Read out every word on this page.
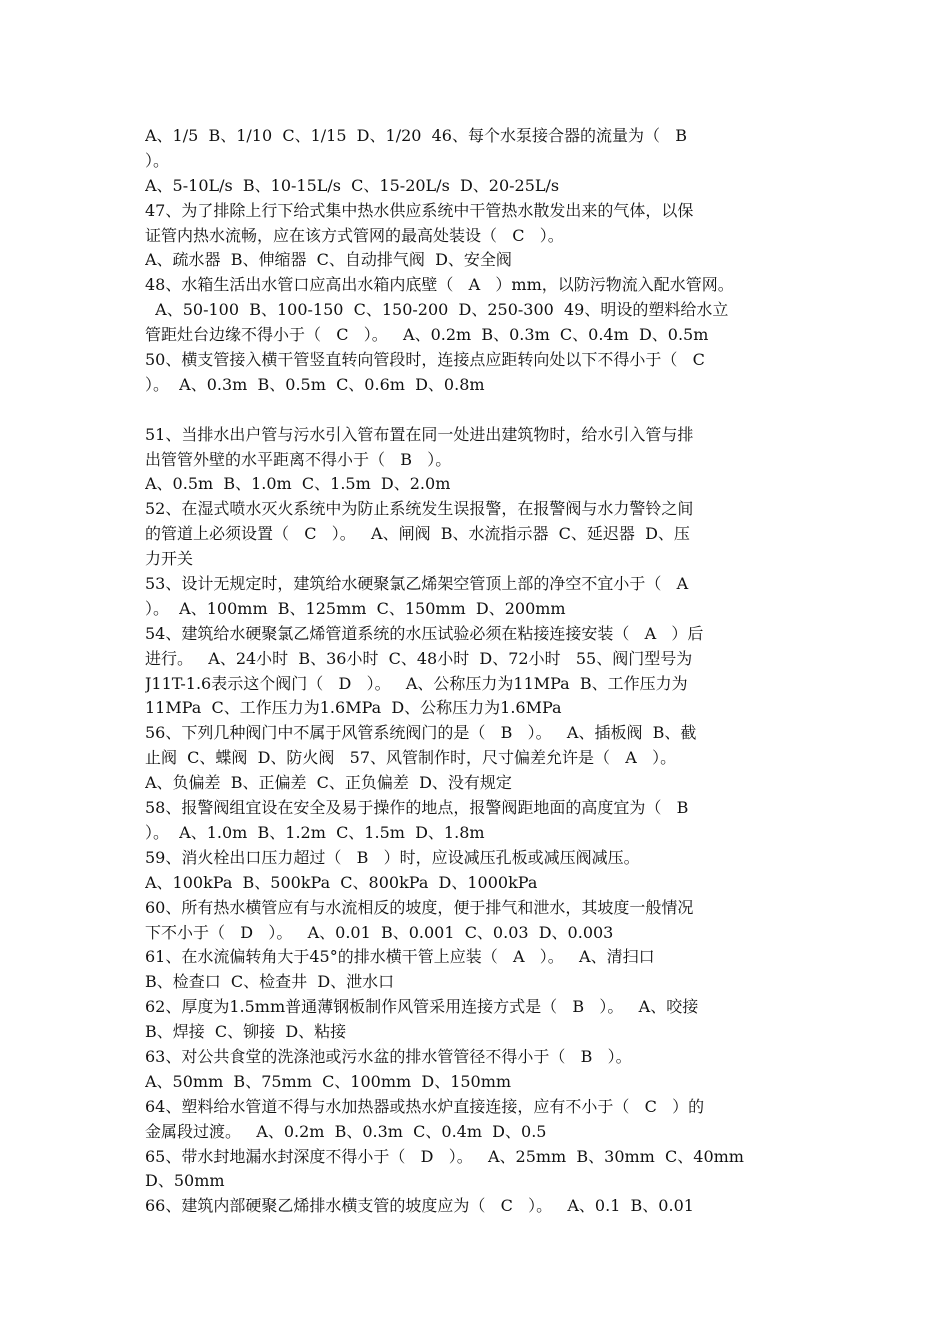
A、1/5  B、1/10  C、1/15  D、1/20  46、每个水泵接合器的流量为（   B
）。
A、5-10L/s  B、10-15L/s  C、15-20L/s  D、20-25L/s
47、为了排除上行下给式集中热水供应系统中干管热水散发出来的气体，以保
证管内热水流畅，应在该方式管网的最高处装设（   C   ）。
A、疏水器  B、伸缩器  C、自动排气阀  D、安全阀
48、水箱生活出水管口应高出水箱内底壁（   A   ）mm，以防污物流入配水管网。
A、50-100  B、100-150  C、150-200  D、250-300  49、明设的塑料给水立
管距灶台边缘不得小于（   C   ）。   A、0.2m  B、0.3m  C、0.4m  D、0.5m
50、横支管接入横干管竖直转向管段时，连接点应距转向处以下不得小于（   C
）。  A、0.3m  B、0.5m  C、0.6m  D、0.8m
51、当排水出户管与污水引入管布置在同一处进出建筑物时，给水引入管与排
出管管外壁的水平距离不得小于（   B   ）。
A、0.5m  B、1.0m  C、1.5m  D、2.0m
52、在湿式喷水灭火系统中为防止系统发生误报警，在报警阀与水力警铃之间
的管道上必须设置（   C   ）。   A、闸阀  B、水流指示器  C、延迟器  D、压
力开关
53、设计无规定时，建筑给水硬聚氯乙烯架空管顶上部的净空不宜小于（   A
）。  A、100mm  B、125mm  C、150mm  D、200mm
54、建筑给水硬聚氯乙烯管道系统的水压试验必须在粘接连接安装（   A   ）后
进行。   A、24小时  B、36小时  C、48小时  D、72小时   55、阀门型号为
J11T-1.6表示这个阀门（   D   ）。   A、公称压力为11MPa  B、工作压力为
11MPa  C、工作压力为1.6MPa  D、公称压力为1.6MPa
56、下列几种阀门中不属于风管系统阀门的是（   B   ）。   A、插板阀  B、截
止阀  C、蝶阀  D、防火阀   57、风管制作时，尺寸偏差允许是（   A   ）。
A、负偏差  B、正偏差  C、正负偏差  D、没有规定
58、报警阀组宜设在安全及易于操作的地点，报警阀距地面的高度宜为（   B
）。  A、1.0m  B、1.2m  C、1.5m  D、1.8m
59、消火栓出口压力超过（   B   ）时，应设减压孔板或减压阀减压。
A、100kPa  B、500kPa  C、800kPa  D、1000kPa
60、所有热水横管应有与水流相反的坡度，便于排气和泄水，其坡度一般情况
下不小于（   D   ）。   A、0.01  B、0.001  C、0.03  D、0.003
61、在水流偏转角大于45°的排水横干管上应装（   A   ）。   A、清扫口
B、检查口  C、检查井  D、泄水口
62、厚度为1.5mm普通薄钢板制作风管采用连接方式是（   B   ）。   A、咬接
B、焊接  C、铆接  D、粘接
63、对公共食堂的洗涤池或污水盆的排水管管径不得小于（   B   ）。
A、50mm  B、75mm  C、100mm  D、150mm
64、塑料给水管道不得与水加热器或热水炉直接连接，应有不小于（   C   ）的
金属段过渡。   A、0.2m  B、0.3m  C、0.4m  D、0.5
65、带水封地漏水封深度不得小于（   D   ）。   A、25mm  B、30mm  C、40mm
D、50mm
66、建筑内部硬聚乙烯排水横支管的坡度应为（   C   ）。   A、0.1  B、0.01
